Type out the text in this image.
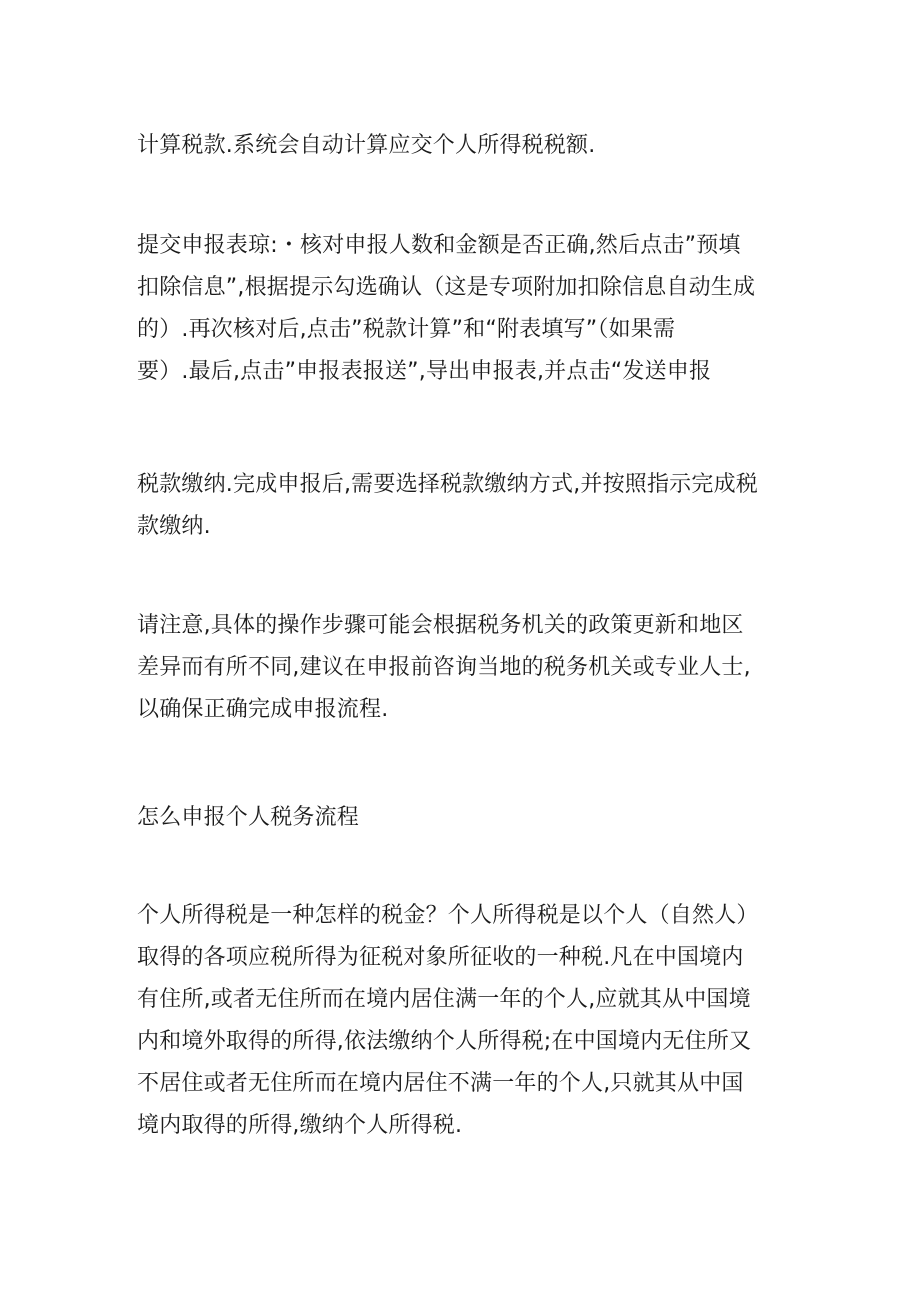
计算税款.系统会自动计算应交个人所得税税额.

提交申报表琼:・核对申报人数和金额是否正确,然后点击”预填
扣除信息”,根据提示勾选确认（这是专项附加扣除信息自动生成
的）.再次核对后,点击”税款计算”和“附表填写”（如果需
要）.最后,点击”申报表报送”,导出申报表,并点击“发送申报

税款缴纳.完成申报后,需要选择税款缴纳方式,并按照指示完成税
款缴纳.

请注意,具体的操作步骤可能会根据税务机关的政策更新和地区
差异而有所不同,建议在申报前咨询当地的税务机关或专业人士,
以确保正确完成申报流程.

怎么申报个人税务流程

个人所得税是一种怎样的税金？个人所得税是以个人（自然人）
取得的各项应税所得为征税对象所征收的一种税.凡在中国境内
有住所,或者无住所而在境内居住满一年的个人,应就其从中国境
内和境外取得的所得,依法缴纳个人所得税;在中国境内无住所又
不居住或者无住所而在境内居住不满一年的个人,只就其从中国
境内取得的所得,缴纳个人所得税.
